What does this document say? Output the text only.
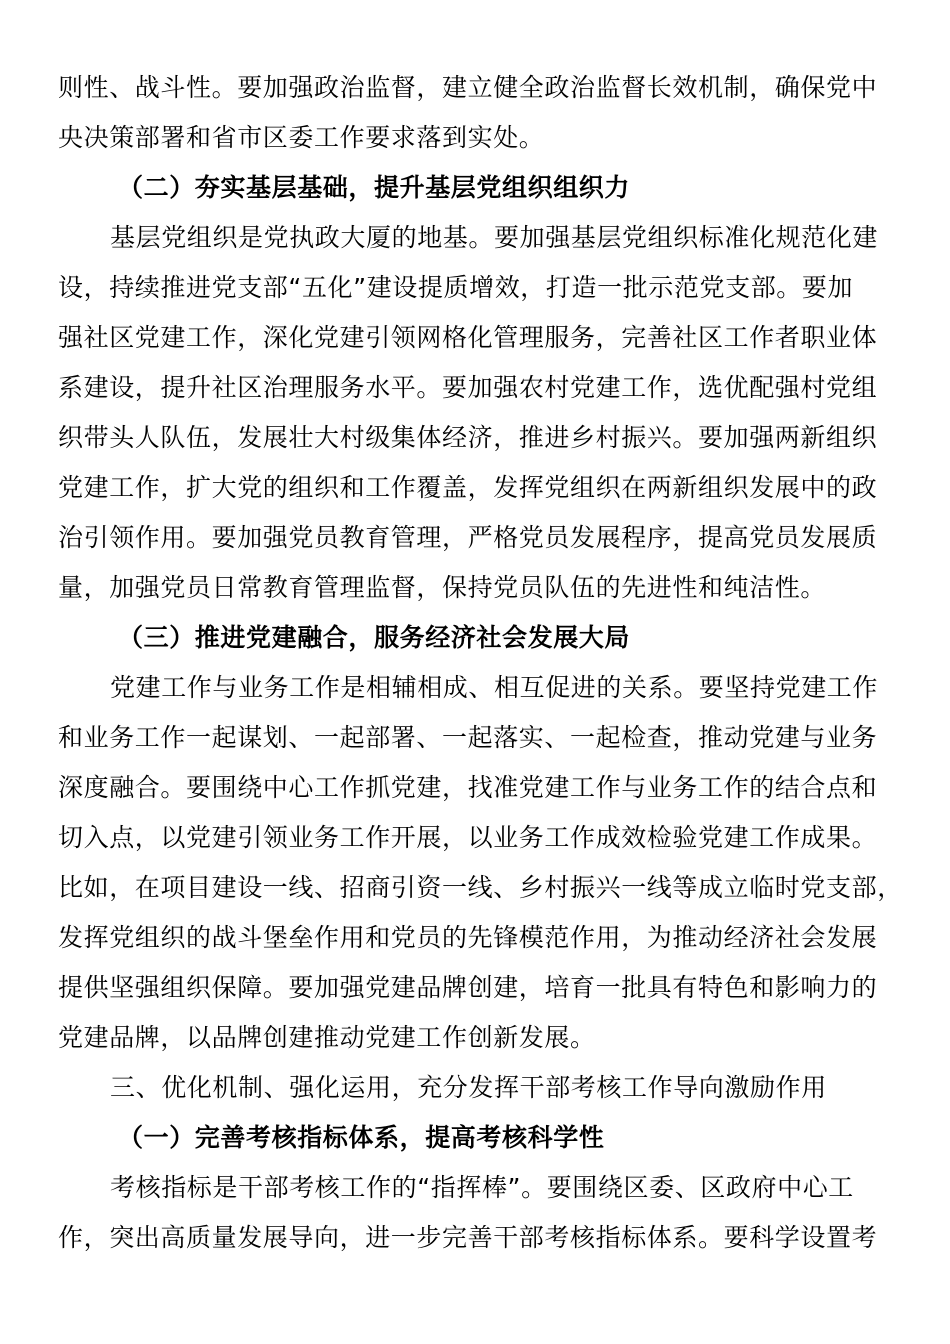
则性、战斗性。要加强政治监督，建立健全政治监督长效机制，确保党中
央决策部署和省市区委工作要求落到实处。
（二）夯实基层基础，提升基层党组织组织力
基层党组织是党执政大厦的地基。要加强基层党组织标准化规范化建
设，持续推进党支部“五化”建设提质增效，打造一批示范党支部。要加
强社区党建工作，深化党建引领网格化管理服务，完善社区工作者职业体
系建设，提升社区治理服务水平。要加强农村党建工作，选优配强村党组
织带头人队伍，发展壮大村级集体经济，推进乡村振兴。要加强两新组织
党建工作，扩大党的组织和工作覆盖，发挥党组织在两新组织发展中的政
治引领作用。要加强党员教育管理，严格党员发展程序，提高党员发展质
量，加强党员日常教育管理监督，保持党员队伍的先进性和纯洁性。
（三）推进党建融合，服务经济社会发展大局
党建工作与业务工作是相辅相成、相互促进的关系。要坚持党建工作
和业务工作一起谋划、一起部署、一起落实、一起检查，推动党建与业务
深度融合。要围绕中心工作抓党建，找准党建工作与业务工作的结合点和
切入点，以党建引领业务工作开展，以业务工作成效检验党建工作成果。
比如，在项目建设一线、招商引资一线、乡村振兴一线等成立临时党支部，
发挥党组织的战斗堡垒作用和党员的先锋模范作用，为推动经济社会发展
提供坚强组织保障。要加强党建品牌创建，培育一批具有特色和影响力的
党建品牌，以品牌创建推动党建工作创新发展。
三、优化机制、强化运用，充分发挥干部考核工作导向激励作用
（一）完善考核指标体系，提高考核科学性
考核指标是干部考核工作的“指挥棒”。要围绕区委、区政府中心工
作，突出高质量发展导向，进一步完善干部考核指标体系。要科学设置考
